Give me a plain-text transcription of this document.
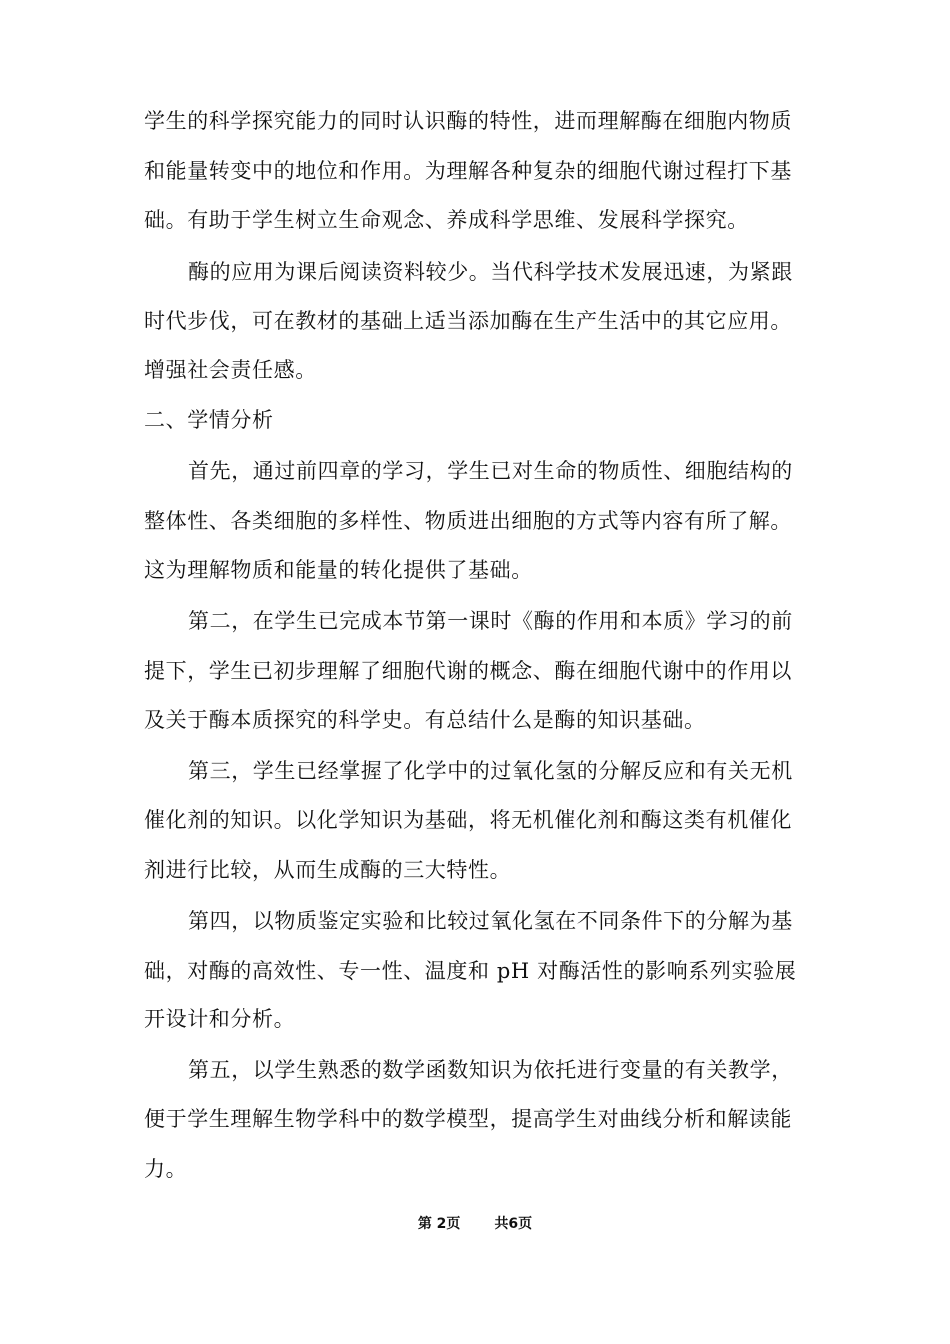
学生的科学探究能力的同时认识酶的特性，进而理解酶在细胞内物质
和能量转变中的地位和作用。为理解各种复杂的细胞代谢过程打下基
础。有助于学生树立生命观念、养成科学思维、发展科学探究。
酶的应用为课后阅读资料较少。当代科学技术发展迅速，为紧跟
时代步伐，可在教材的基础上适当添加酶在生产生活中的其它应用。
增强社会责任感。
二、学情分析
首先，通过前四章的学习，学生已对生命的物质性、细胞结构的
整体性、各类细胞的多样性、物质进出细胞的方式等内容有所了解。
这为理解物质和能量的转化提供了基础。
第二，在学生已完成本节第一课时《酶的作用和本质》学习的前
提下，学生已初步理解了细胞代谢的概念、酶在细胞代谢中的作用以
及关于酶本质探究的科学史。有总结什么是酶的知识基础。
第三，学生已经掌握了化学中的过氧化氢的分解反应和有关无机
催化剂的知识。以化学知识为基础，将无机催化剂和酶这类有机催化
剂进行比较，从而生成酶的三大特性。
第四，以物质鉴定实验和比较过氧化氢在不同条件下的分解为基
础，对酶的高效性、专一性、温度和 pH 对酶活性的影响系列实验展
开设计和分析。
第五，以学生熟悉的数学函数知识为依托进行变量的有关教学，
便于学生理解生物学科中的数学模型，提高学生对曲线分析和解读能
力。
第 2页 共6页
